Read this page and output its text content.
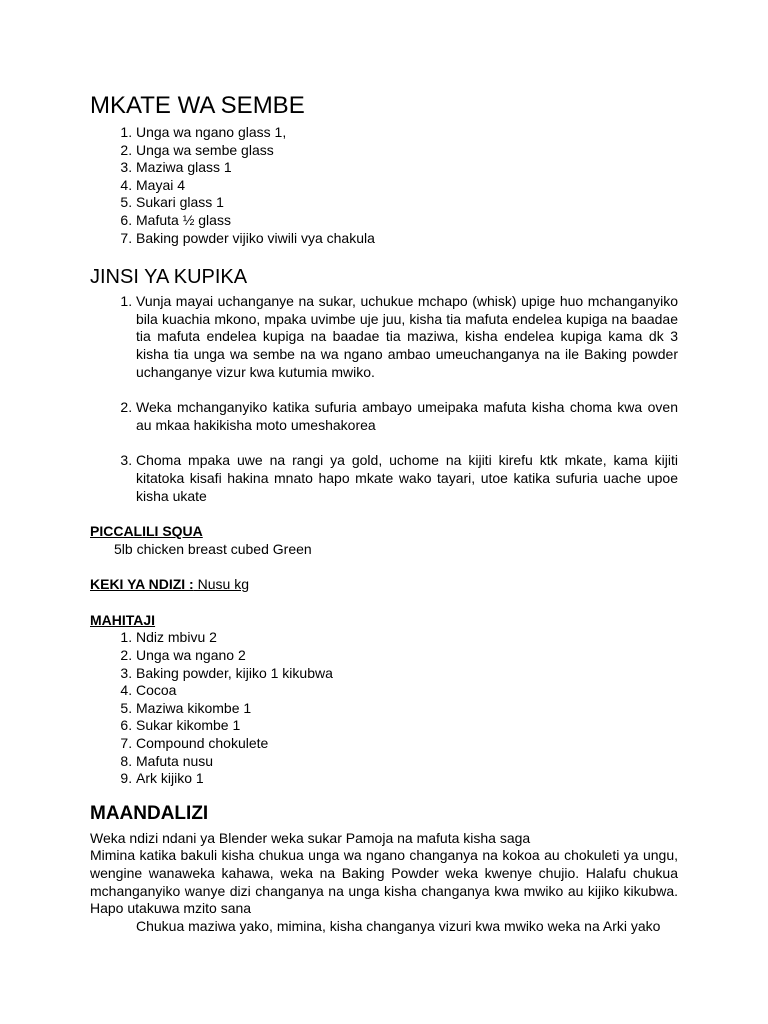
MKATE WA SEMBE
1. Unga wa ngano glass 1,
2. Unga wa sembe glass
3. Maziwa glass 1
4. Mayai 4
5. Sukari glass 1
6. Mafuta ½ glass
7. Baking powder vijiko viwili vya chakula
JINSI YA KUPIKA
1. Vunja mayai uchanganye na sukar, uchukue mchapo (whisk) upige huo mchanganyiko bila kuachia mkono, mpaka uvimbe uje juu, kisha tia mafuta endelea kupiga na baadae tia mafuta endelea kupiga na baadae tia maziwa, kisha endelea kupiga kama dk 3 kisha tia unga wa sembe na wa ngano ambao umeuchanganya na ile Baking powder uchanganye vizur kwa kutumia mwiko.
2. Weka mchanganyiko katika sufuria ambayo umeipaka mafuta kisha choma kwa oven au mkaa hakikisha moto umeshakorea
3. Choma mpaka uwe na rangi ya gold, uchome na kijiti kirefu ktk mkate, kama kijiti kitatoka kisafi hakina mnato hapo mkate wako tayari, utoe katika sufuria uache upoe kisha ukate

PICCALILI SQUA

5lb chicken breast cubed Green

KEKI YA NDIZI : Nusu kg

MAHITAJI

1. Ndiz mbivu 2
2. Unga wa ngano 2
3. Baking powder, kijiko 1 kikubwa
4. Cocoa
5. Maziwa kikombe 1
6. Sukar kikombe 1
7. Compound chokulete
8. Mafuta nusu
9. Ark kijiko 1
MAANDALIZI

Weka ndizi ndani ya Blender weka sukar Pamoja na mafuta kisha saga

Mimina katika bakuli kisha chukua unga wa ngano changanya na kokoa au chokuleti ya ungu, wengine wanaweka kahawa, weka na Baking Powder weka kwenye chujio. Halafu chukua mchanganyiko wanye dizi changanya na unga kisha changanya kwa mwiko au kijiko kikubwa. Hapo utakuwa mzito sana

Chukua maziwa yako, mimina, kisha changanya vizuri kwa mwiko weka na Arki yako
